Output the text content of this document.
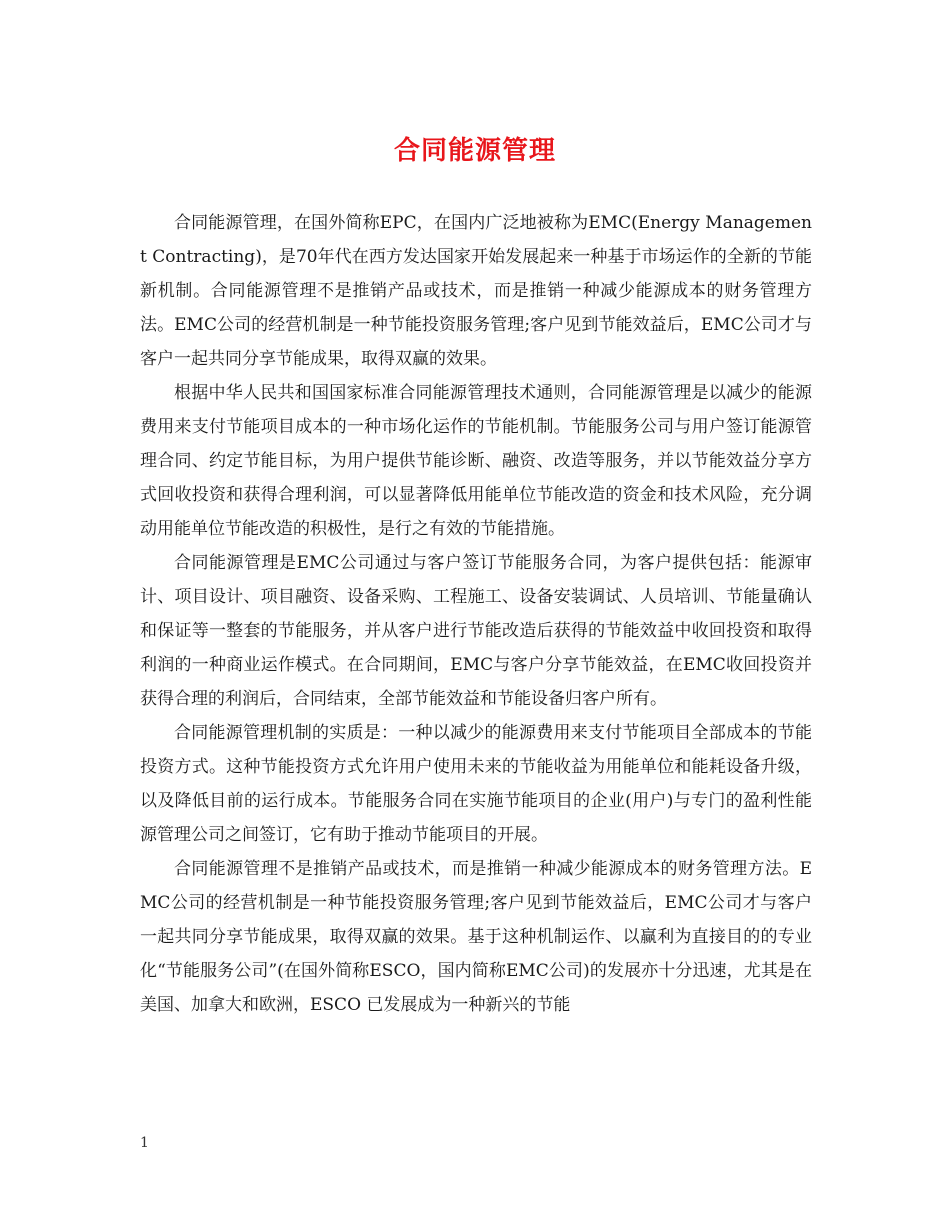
合同能源管理

合同能源管理，在国外简称EPC，在国内广泛地被称为EMC(Energy Management Contracting)，是70年代在西方发达国家开始发展起来一种基于市场运作的全新的节能新机制。合同能源管理不是推销产品或技术，而是推销一种减少能源成本的财务管理方法。EMC公司的经营机制是一种节能投资服务管理;客户见到节能效益后，EMC公司才与客户一起共同分享节能成果，取得双赢的效果。

根据中华人民共和国国家标准合同能源管理技术通则，合同能源管理是以减少的能源费用来支付节能项目成本的一种市场化运作的节能机制。节能服务公司与用户签订能源管理合同、约定节能目标，为用户提供节能诊断、融资、改造等服务，并以节能效益分享方式回收投资和获得合理利润，可以显著降低用能单位节能改造的资金和技术风险，充分调动用能单位节能改造的积极性，是行之有效的节能措施。

合同能源管理是EMC公司通过与客户签订节能服务合同，为客户提供包括：能源审计、项目设计、项目融资、设备采购、工程施工、设备安装调试、人员培训、节能量确认和保证等一整套的节能服务，并从客户进行节能改造后获得的节能效益中收回投资和取得利润的一种商业运作模式。在合同期间，EMC与客户分享节能效益，在EMC收回投资并获得合理的利润后，合同结束，全部节能效益和节能设备归客户所有。

合同能源管理机制的实质是：一种以减少的能源费用来支付节能项目全部成本的节能投资方式。这种节能投资方式允许用户使用未来的节能收益为用能单位和能耗设备升级，以及降低目前的运行成本。节能服务合同在实施节能项目的企业(用户)与专门的盈利性能源管理公司之间签订，它有助于推动节能项目的开展。

合同能源管理不是推销产品或技术，而是推销一种减少能源成本的财务管理方法。EMC公司的经营机制是一种节能投资服务管理;客户见到节能效益后，EMC公司才与客户一起共同分享节能成果，取得双赢的效果。基于这种机制运作、以赢利为直接目的的专业化“节能服务公司”(在国外简称ESCO，国内简称EMC公司)的发展亦十分迅速，尤其是在美国、加拿大和欧洲，ESCO 已发展成为一种新兴的节能

1
